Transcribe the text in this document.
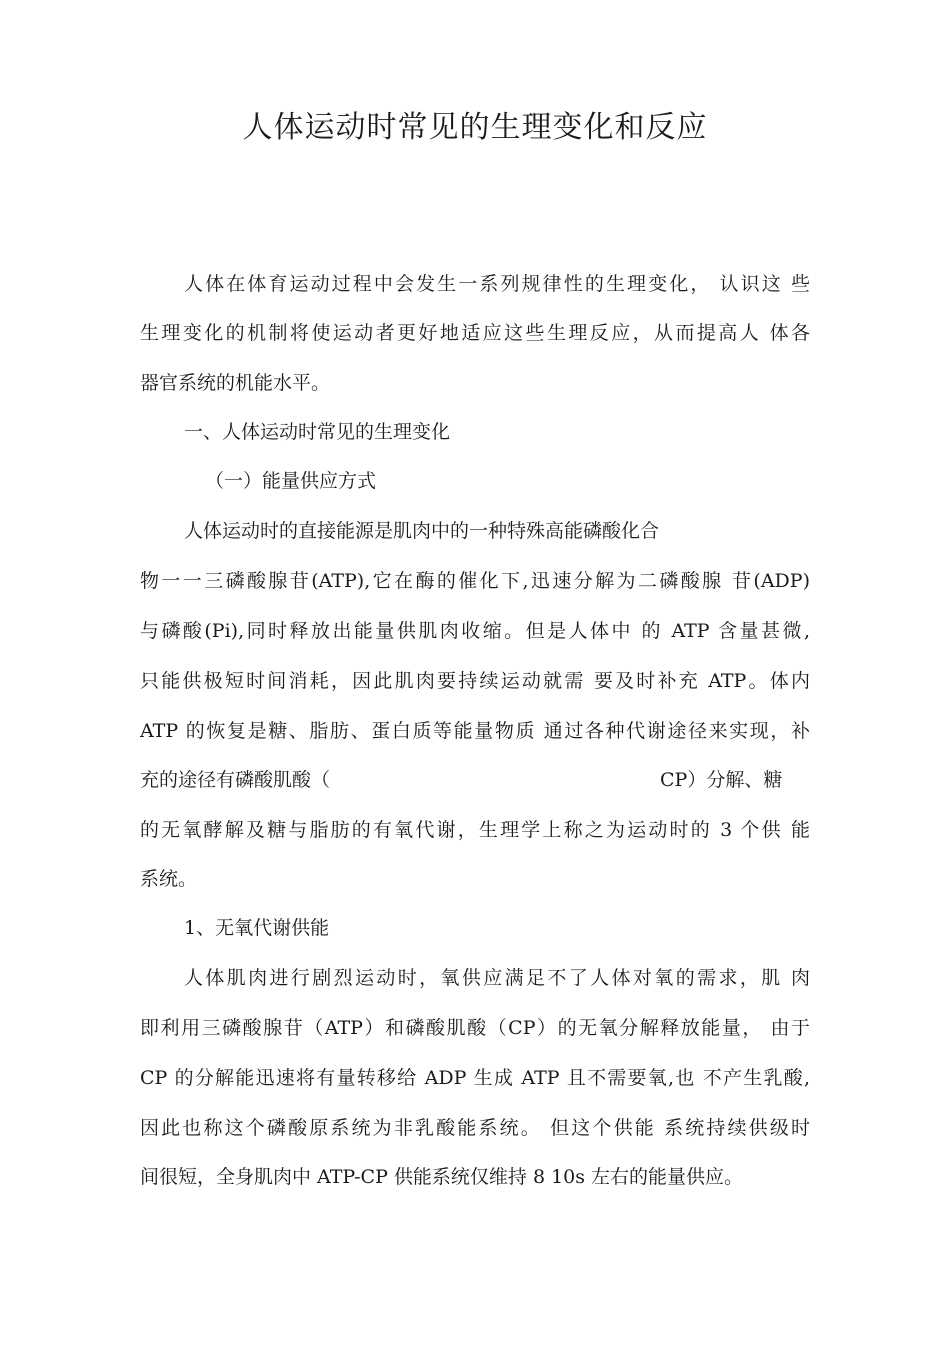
人体运动时常见的生理变化和反应
人体在体育运动过程中会发生一系列规律性的生理变化， 认识这 些
生理变化的机制将使运动者更好地适应这些生理反应，从而提高人 体各
器官系统的机能水平。
一、人体运动时常见的生理变化
（一）能量供应方式
人体运动时的直接能源是肌肉中的一种特殊高能磷酸化合
物一一三磷酸腺苷(ATP),它在酶的催化下,迅速分解为二磷酸腺 苷(ADP)
与磷酸(Pi),同时释放出能量供肌肉收缩。但是人体中 的 ATP 含量甚微,
只能供极短时间消耗，因此肌肉要持续运动就需 要及时补充 ATP。体内
ATP 的恢复是糖、脂肪、蛋白质等能量物质 通过各种代谢途径来实现，补
充的途径有磷酸肌酸（	CP）分解、糖
的无氧酵解及糖与脂肪的有氧代谢，生理学上称之为运动时的 3 个供 能
系统。
1、无氧代谢供能
人体肌肉进行剧烈运动时，氧供应满足不了人体对氧的需求，肌 肉
即利用三磷酸腺苷（ATP）和磷酸肌酸（CP）的无氧分解释放能量， 由于
CP 的分解能迅速将有量转移给 ADP 生成 ATP 且不需要氧,也 不产生乳酸,
因此也称这个磷酸原系统为非乳酸能系统。 但这个供能 系统持续供级时
间很短，全身肌肉中 ATP-CP 供能系统仅维持 8 10s 左右的能量供应。
